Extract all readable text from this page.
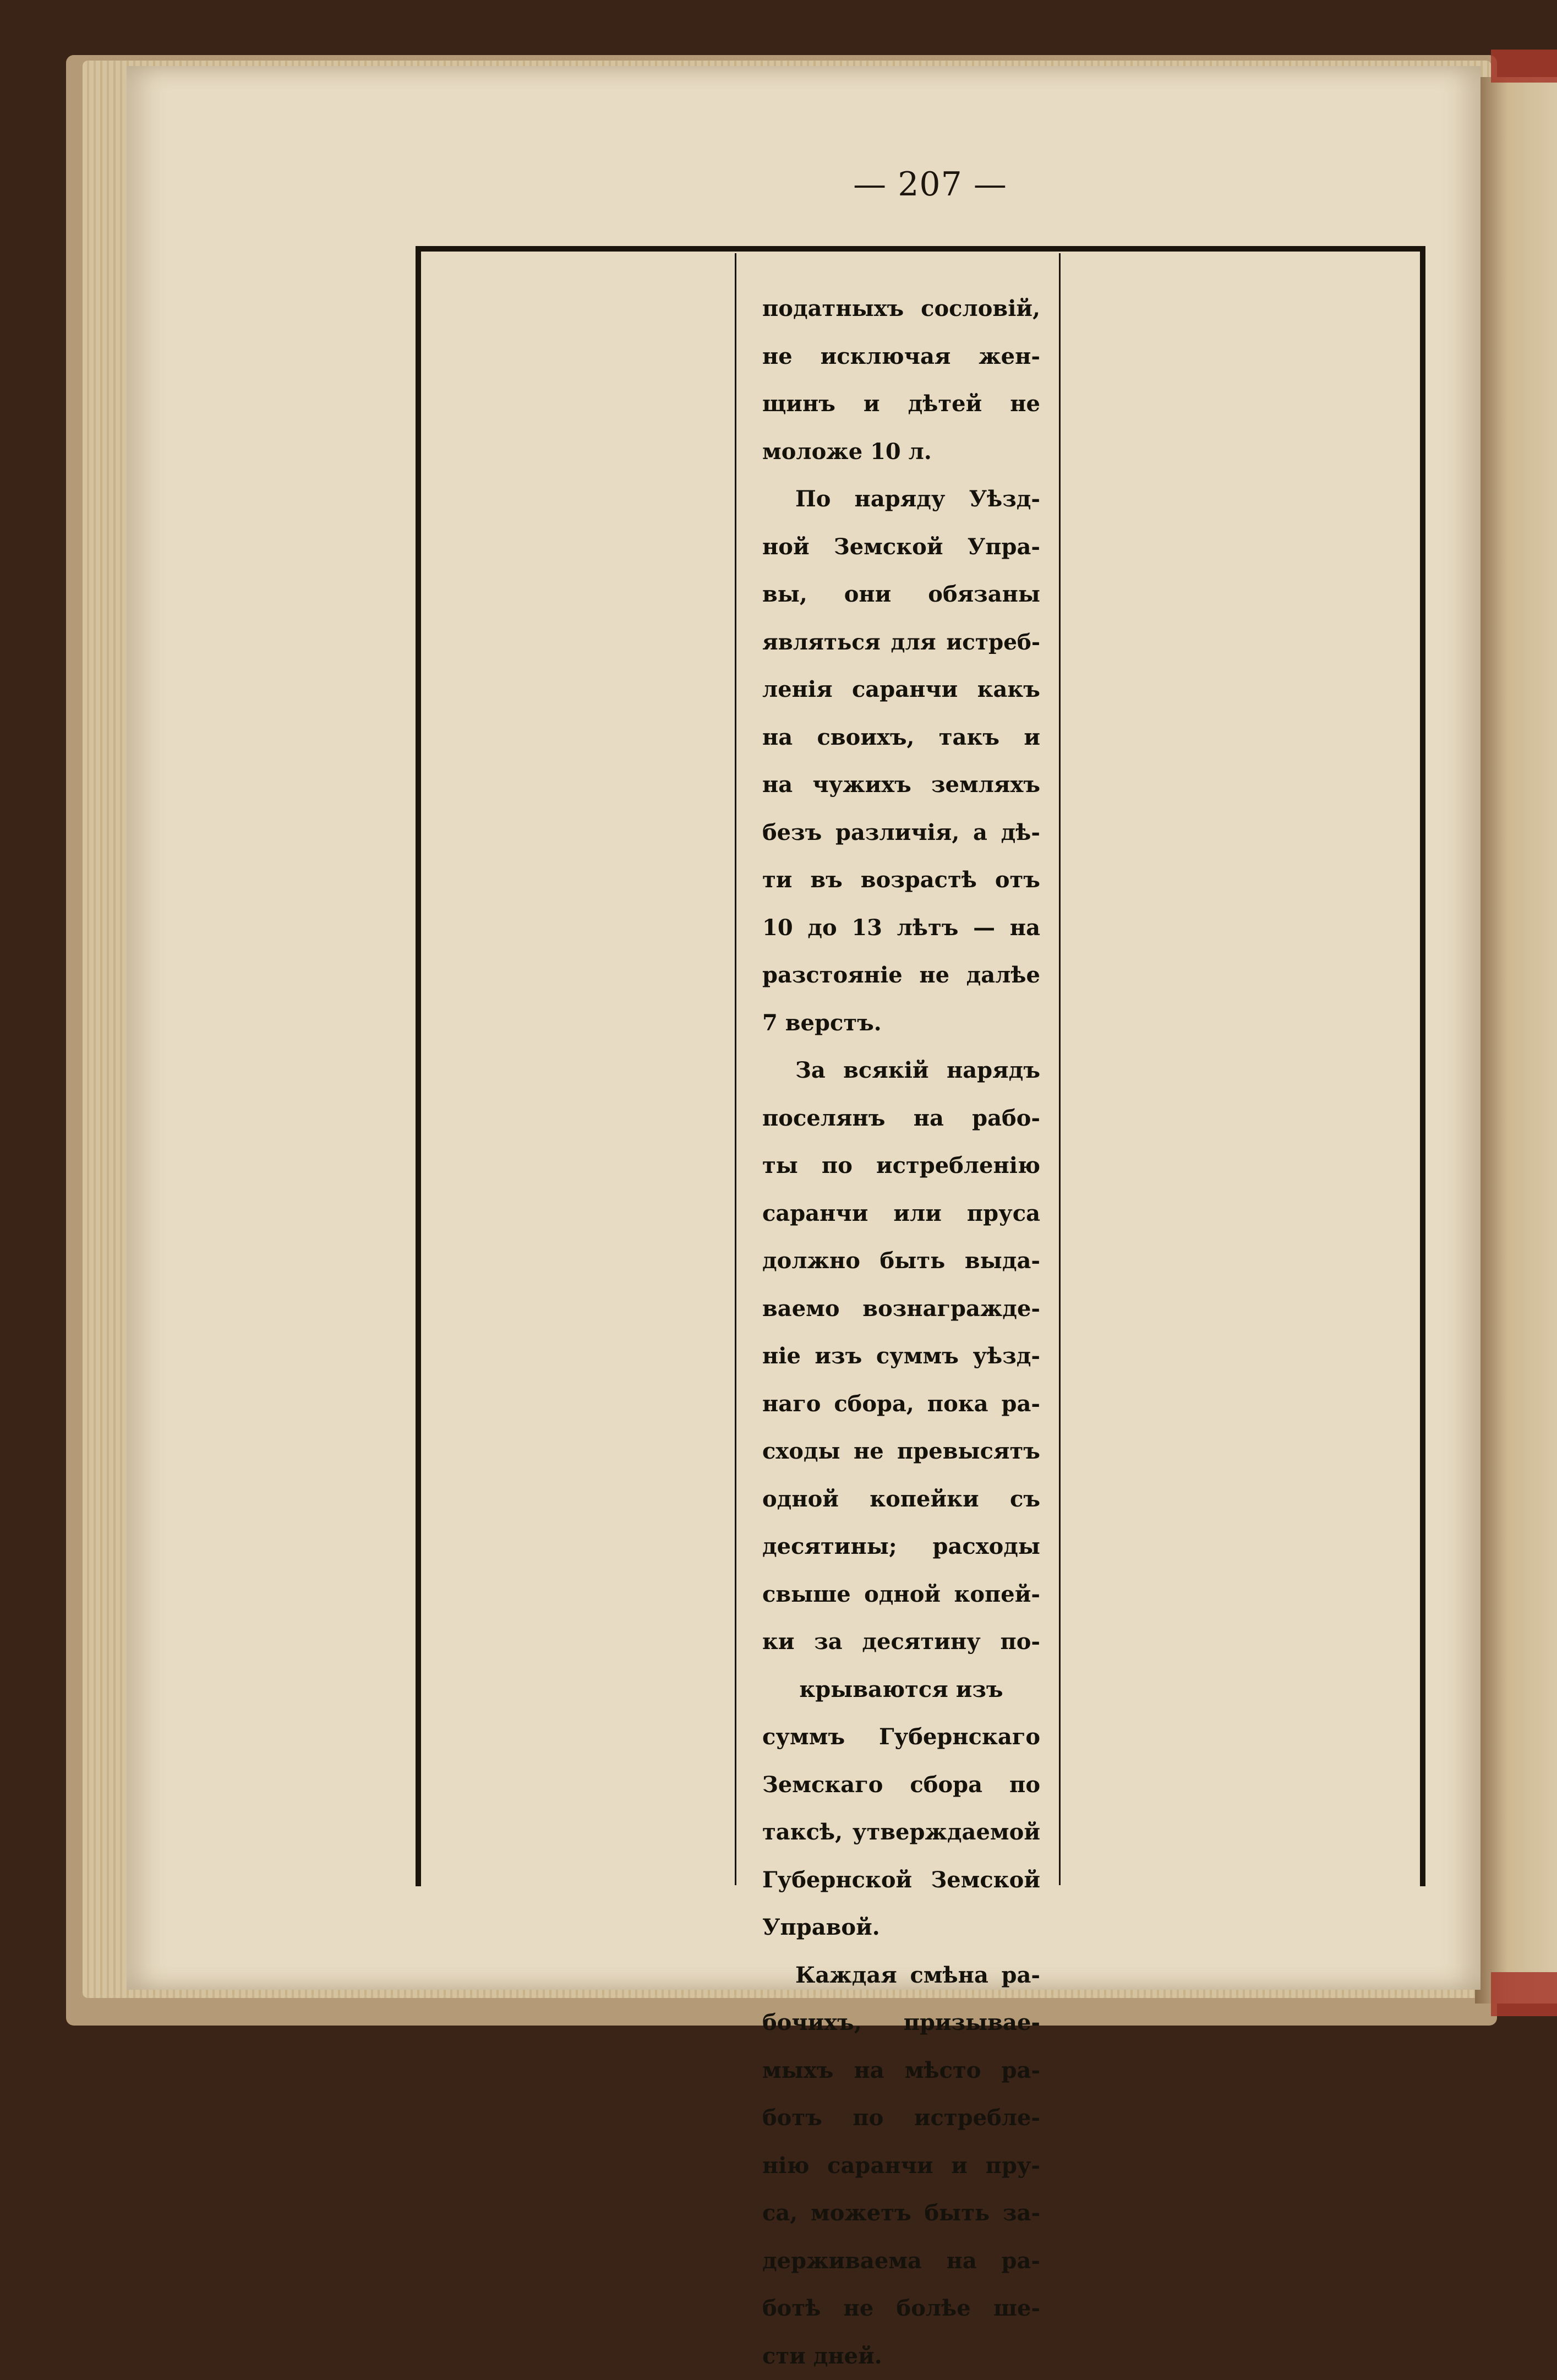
— 207 —
податныхъ сословій,
не исключая жен-
щинъ и дѣтей не
моложе 10 л.
По наряду Уѣзд-
ной Земской Упра-
вы, они обязаны
являться для истреб-
ленія саранчи какъ
на своихъ, такъ и
на чужихъ земляхъ
безъ различія, а дѣ-
ти въ возрастѣ отъ
10 до 13 лѣтъ — на
разстояніе не далѣе
7 верстъ.
За всякій нарядъ
поселянъ на рабо-
ты по истребленію
саранчи или пруса
должно быть выда-
ваемо вознагражде-
ніе изъ суммъ уѣзд-
наго сбора, пока ра-
сходы не превысятъ
одной копейки съ
десятины; расходы
свыше одной копей-
ки за десятину по-
крываются изъ
суммъ Губернскаго
Земскаго сбора по
таксѣ, утверждаемой
Губернской Земской
Управой.
Каждая смѣна ра-
бочихъ, призывае-
мыхъ на мѣсто ра-
ботъ по истребле-
нію саранчи и пру-
са, можетъ быть за-
держиваема на ра-
ботѣ не болѣе ше-
сти дней.
